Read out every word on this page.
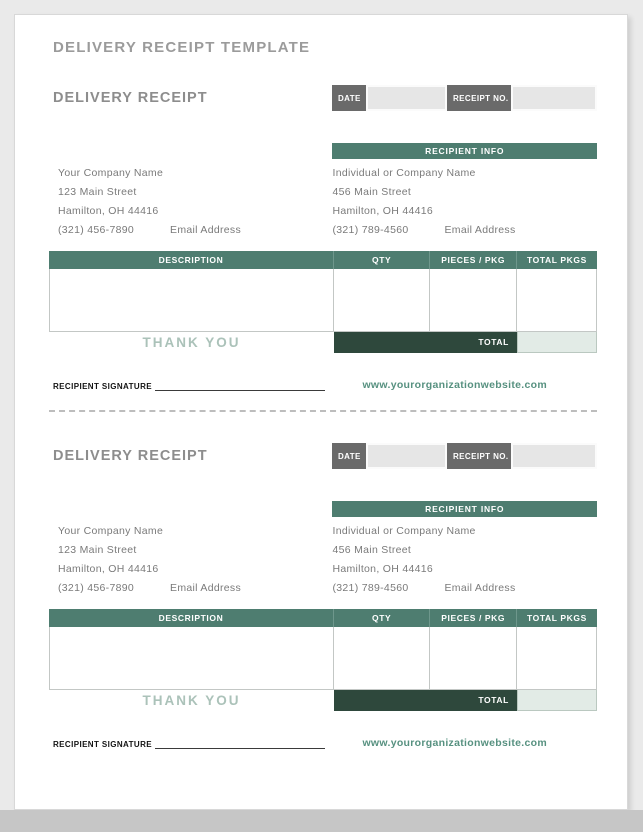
DELIVERY RECEIPT TEMPLATE
DELIVERY RECEIPT	DATE	RECEIPT NO.
Your Company Name
123 Main Street
Hamilton, OH 44416
(321) 456-7890	Email Address
RECIPIENT INFO
Individual or Company Name
456 Main Street
Hamilton, OH 44416
(321) 789-4560	Email Address
DESCRIPTION	QTY	PIECES / PKG	TOTAL PKGS
THANK YOU	TOTAL
RECIPIENT SIGNATURE	www.yourorganizationwebsite.com
DELIVERY RECEIPT	DATE	RECEIPT NO.
Your Company Name
123 Main Street
Hamilton, OH 44416
(321) 456-7890	Email Address
RECIPIENT INFO
Individual or Company Name
456 Main Street
Hamilton, OH 44416
(321) 789-4560	Email Address
DESCRIPTION	QTY	PIECES / PKG	TOTAL PKGS
THANK YOU	TOTAL
RECIPIENT SIGNATURE	www.yourorganizationwebsite.com
